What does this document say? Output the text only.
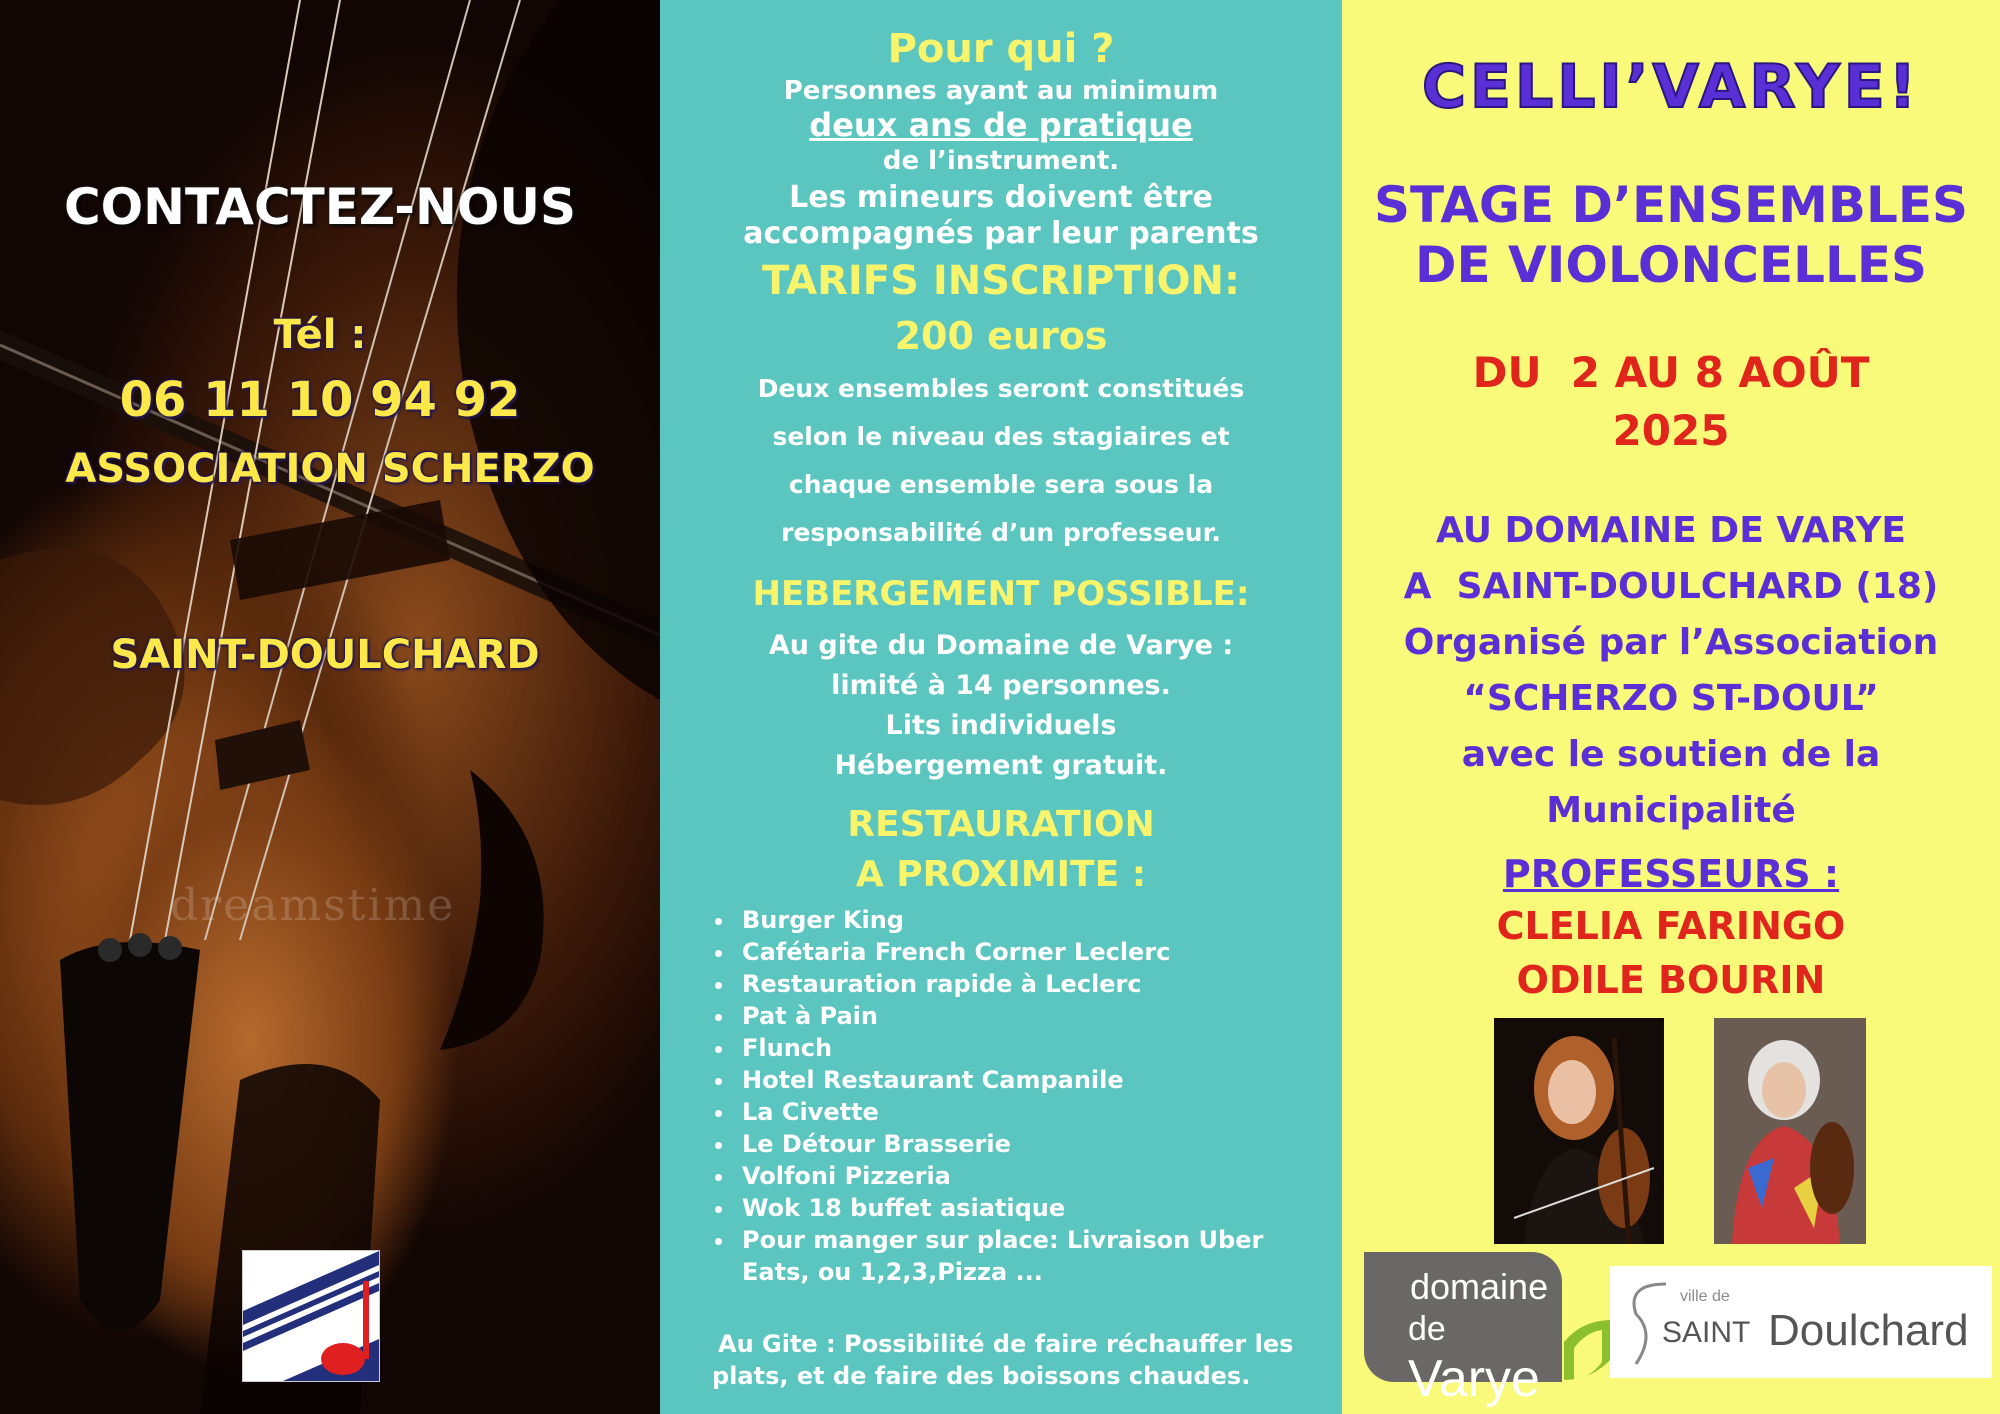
CONTACTEZ-NOUS
Tél :
06 11 10 94 92
ASSOCIATION SCHERZO
SAINT-DOULCHARD
dreamstime
Pour qui ?
Personnes ayant au minimum
deux ans de pratique
de l’instrument.
Les mineurs doivent être
accompagnés par leur parents
TARIFS INSCRIPTION:
200 euros
Deux ensembles seront constitués
selon le niveau des stagiaires et
chaque ensemble sera sous la
responsabilité d’un professeur.
HEBERGEMENT POSSIBLE:
Au gite du Domaine de Varye :
limité à 14 personnes.
Lits individuels
Hébergement gratuit.
RESTAURATION
A PROXIMITE :
• Burger King
• Cafétaria French Corner Leclerc
• Restauration rapide à Leclerc
• Pat à Pain
• Flunch
• Hotel Restaurant Campanile
• La Civette
• Le Détour Brasserie
• Volfoni Pizzeria
• Wok 18 buffet asiatique
• Pour manger sur place: Livraison Uber Eats, ou 1,2,3,Pizza ...
Au Gite : Possibilité de faire réchauffer les
plats, et de faire des boissons chaudes.
CELLI’VARYE!
STAGE D’ENSEMBLES
DE VIOLONCELLES
DU  2 AU 8 AOÛT
2025
AU DOMAINE DE VARYE
A  SAINT-DOULCHARD (18)
Organisé par l’Association
“SCHERZO ST-DOUL”
avec le soutien de la
Municipalité
PROFESSEURS :
CLELIA FARINGO
ODILE BOURIN
domaine
de Varye
ville de
SAINT Doulchard
